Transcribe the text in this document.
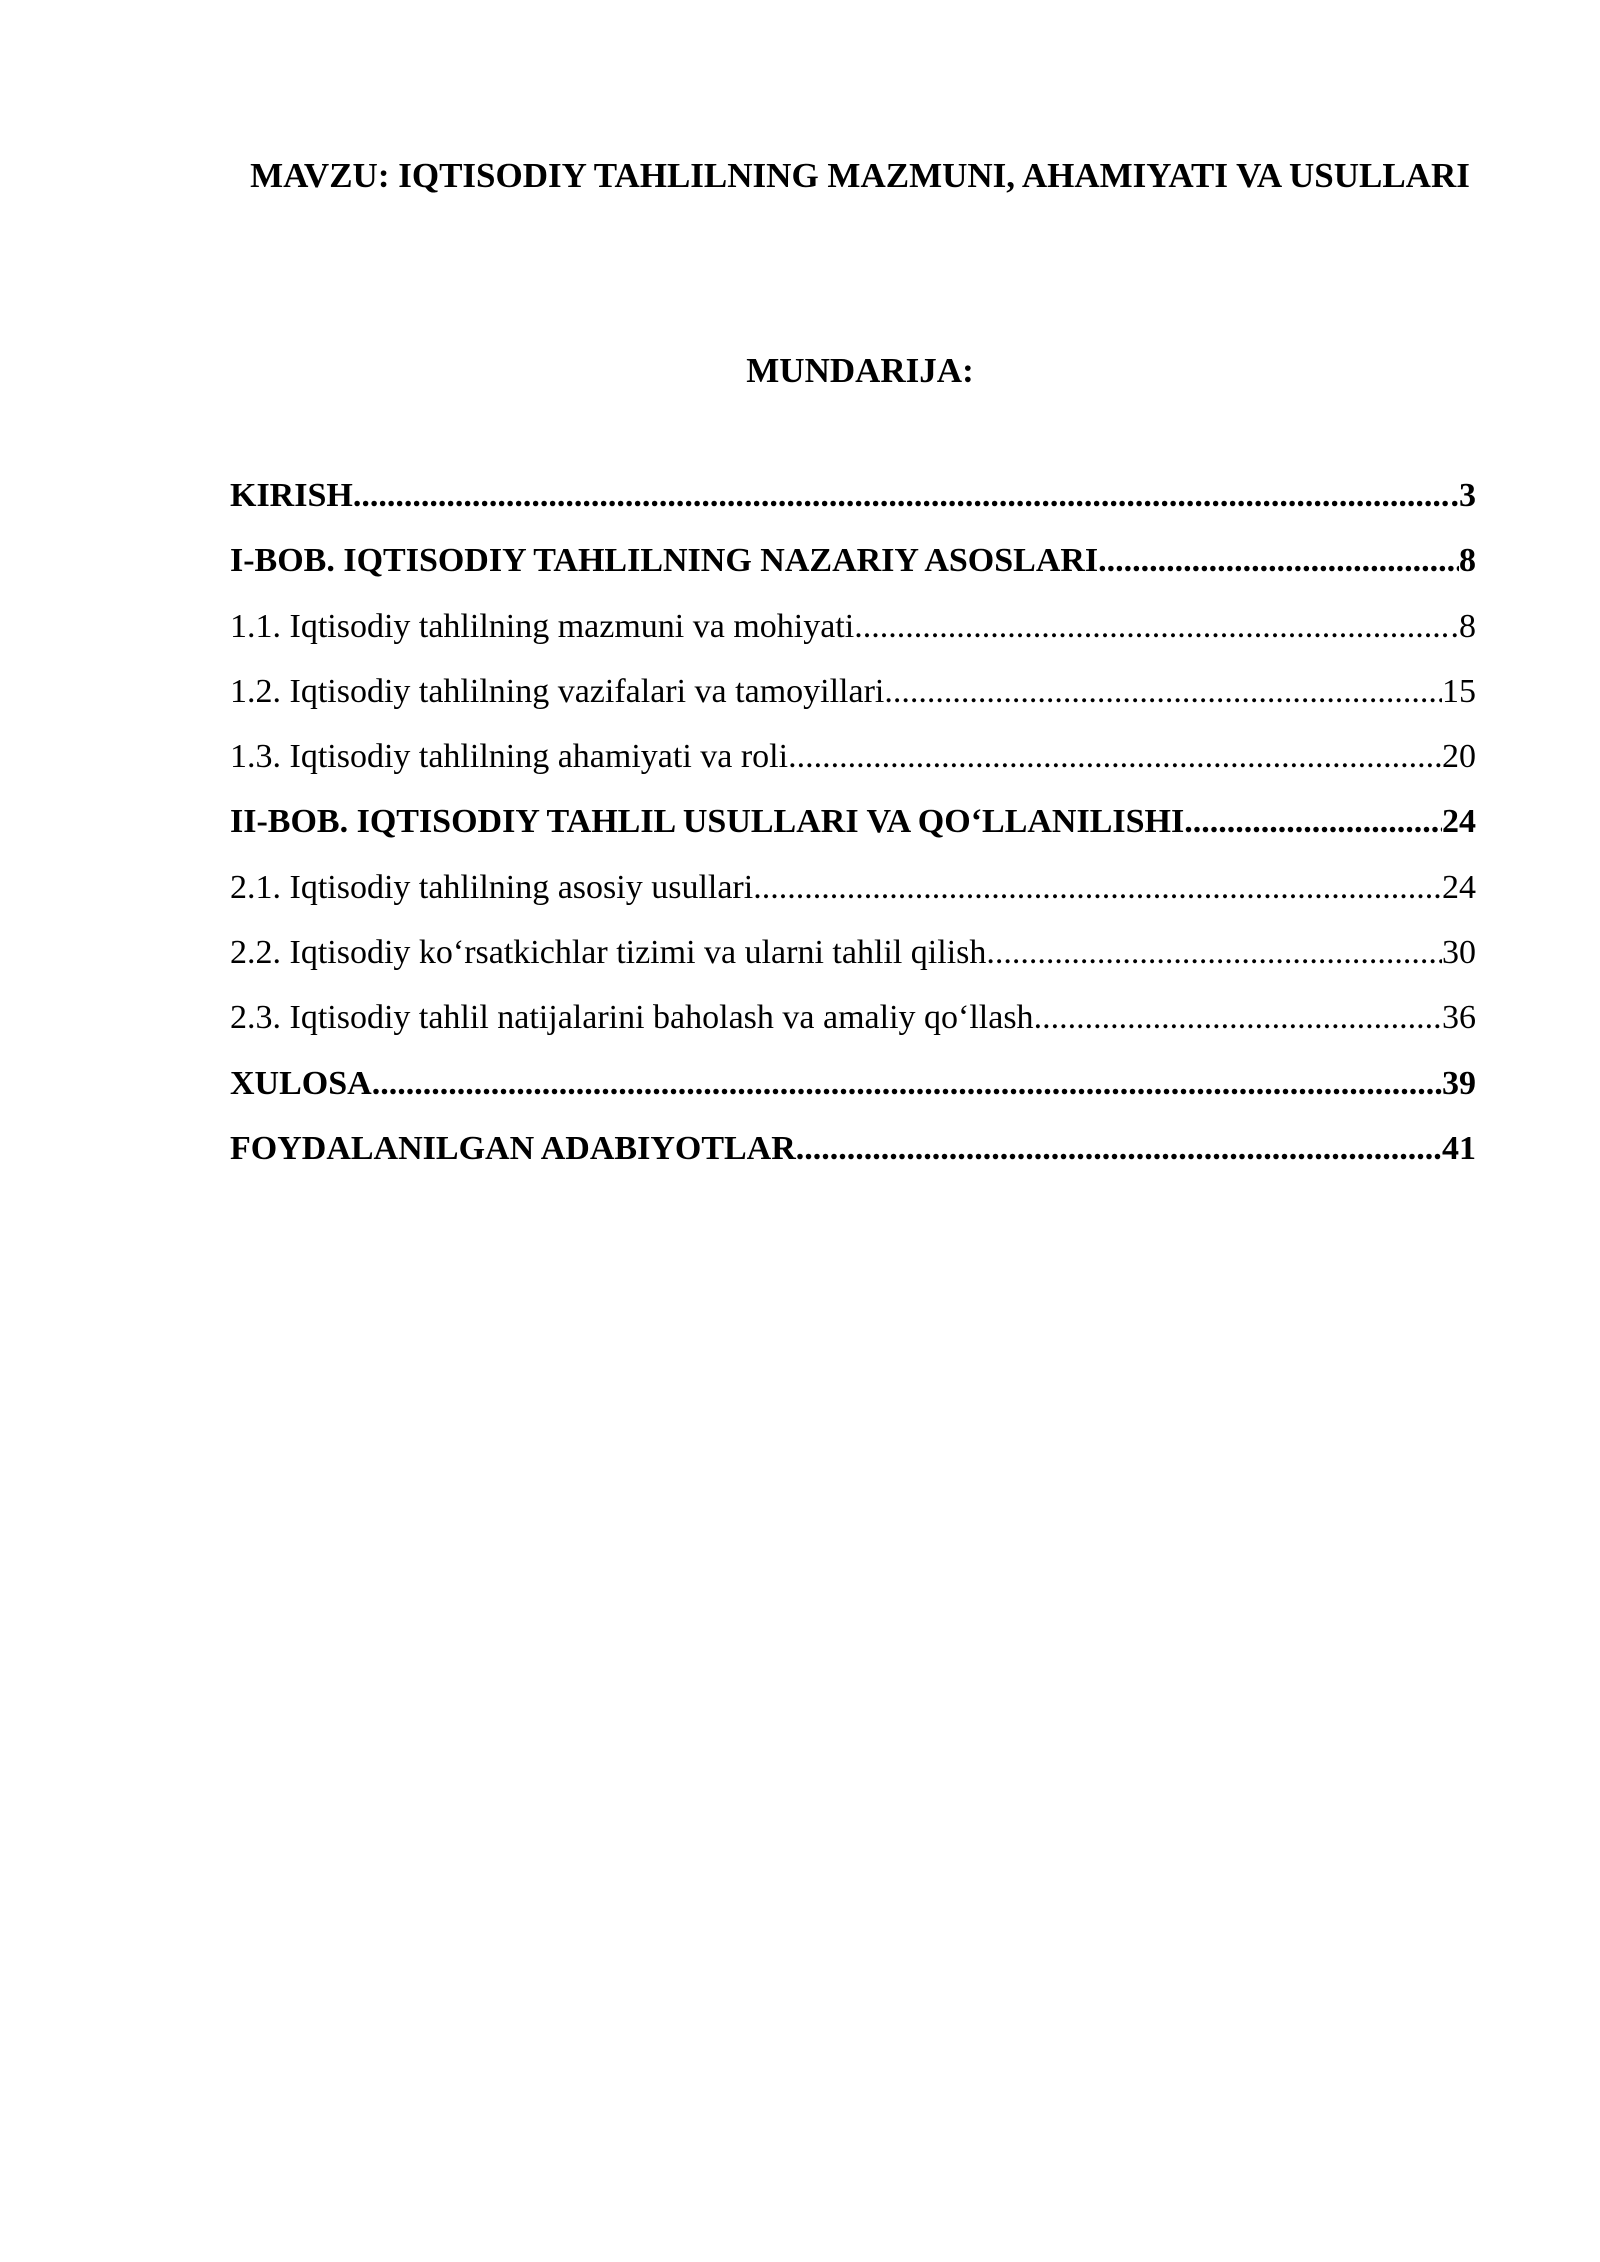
MAVZU: IQTISODIY TAHLILNING MAZMUNI, AHAMIYATI VA USULLARI
MUNDARIJA:
KIRISH .....	.3
I-BOB. IQTISODIY TAHLILNING NAZARIY ASOSLARI .....	8
1.1. Iqtisodiy tahlilning mazmuni va mohiyati .....	.8
1.2. Iqtisodiy tahlilning vazifalari va tamoyillari .....	15
1.3. Iqtisodiy tahlilning ahamiyati va roli .....	20
II-BOB. IQTISODIY TAHLIL USULLARI VA QO‘LLANILISHI .....	24
2.1. Iqtisodiy tahlilning asosiy usullari .....	24
2.2. Iqtisodiy ko‘rsatkichlar tizimi va ularni tahlil qilish .....	30
2.3. Iqtisodiy tahlil natijalarini baholash va amaliy qo‘llash .....	36
XULOSA .....	39
FOYDALANILGAN ADABIYOTLAR .....	41
